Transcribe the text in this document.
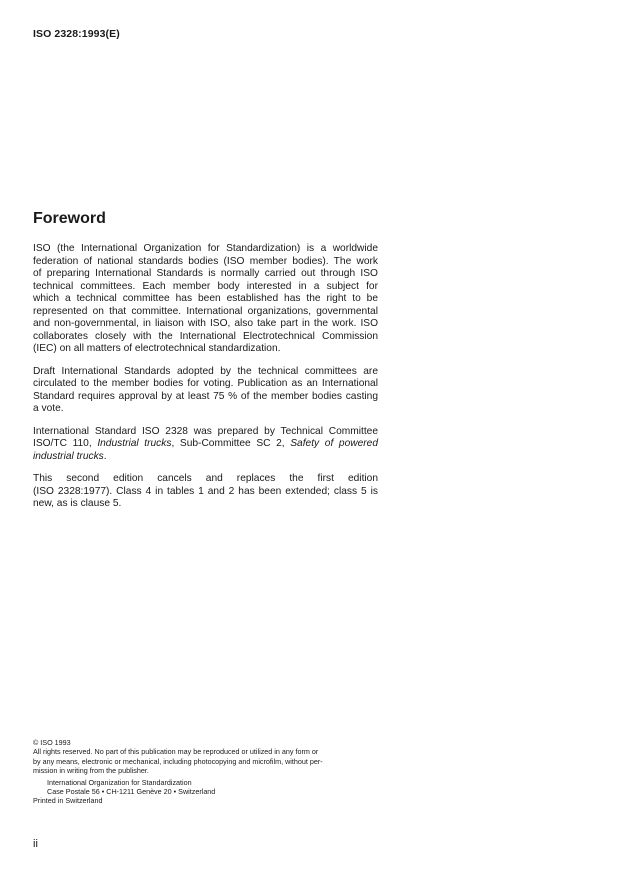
ISO 2328:1993(E)
Foreword

ISO (the International Organization for Standardization) is a worldwide
federation of national standards bodies (ISO member bodies). The work
of preparing International Standards is normally carried out through ISO
technical committees. Each member body interested in a subject for
which a technical committee has been established has the right to be
represented on that committee. International organizations, governmental
and non-governmental, in liaison with ISO, also take part in the work. ISO
collaborates closely with the International Electrotechnical Commission
(IEC) on all matters of electrotechnical standardization.

Draft International Standards adopted by the technical committees are
circulated to the member bodies for voting. Publication as an International
Standard requires approval by at least 75 % of the member bodies casting
a vote.

International Standard ISO 2328 was prepared by Technical Committee
ISO/TC 110, Industrial trucks, Sub-Committee SC 2, Safety of powered
industrial trucks.

This second edition cancels and replaces the first edition
(ISO 2328:1977). Class 4 in tables 1 and 2 has been extended; class 5 is
new, as is clause 5.

© ISO 1993
All rights reserved. No part of this publication may be reproduced or utilized in any form or
by any means, electronic or mechanical, including photocopying and microfilm, without per-
mission in writing from the publisher.
International Organization for Standardization
Case Postale 56 • CH-1211 Genève 20 • Switzerland
Printed in Switzerland
ii
